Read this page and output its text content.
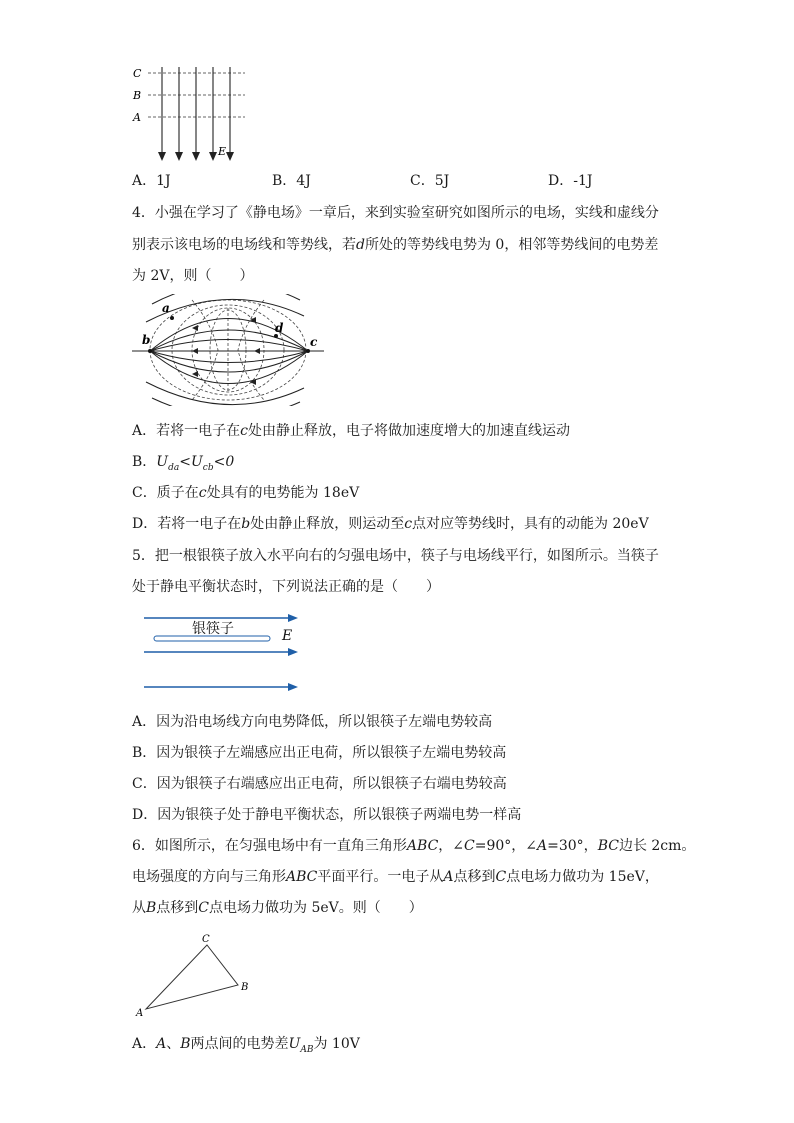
C
B
A
E
A．1J	B．4J	C．5J	D．-1J
4．小强在学习了《静电场》一章后，来到实验室研究如图所示的电场，实线和虚线分
别表示该电场的电场线和等势线，若d所处的等势线电势为 0，相邻等势线间的电势差
为 2V，则（　　）
a
b	c
d
A．若将一电子在c处由静止释放，电子将做加速度增大的加速直线运动
B．$U_{da}<U_{cb}<0$
C．质子在c处具有的电势能为 18eV
D．若将一电子在b处由静止释放，则运动至c点对应等势线时，具有的动能为 20eV
5．把一根银筷子放入水平向右的匀强电场中，筷子与电场线平行，如图所示。当筷子
处于静电平衡状态时，下列说法正确的是（　　）
银筷子	E
A．因为沿电场线方向电势降低，所以银筷子左端电势较高
B．因为银筷子左端感应出正电荷，所以银筷子左端电势较高
C．因为银筷子右端感应出正电荷，所以银筷子右端电势较高
D．因为银筷子处于静电平衡状态，所以银筷子两端电势一样高
6．如图所示，在匀强电场中有一直角三角形ABC，∠C=90°，∠A=30°，BC边长 2cm。
电场强度的方向与三角形ABC平面平行。一电子从A点移到C点电场力做功为 15eV，
从B点移到C点电场力做功为 5eV。则（　　）
A
B
C
A．A、B两点间的电势差$U_{AB}$为 10V
